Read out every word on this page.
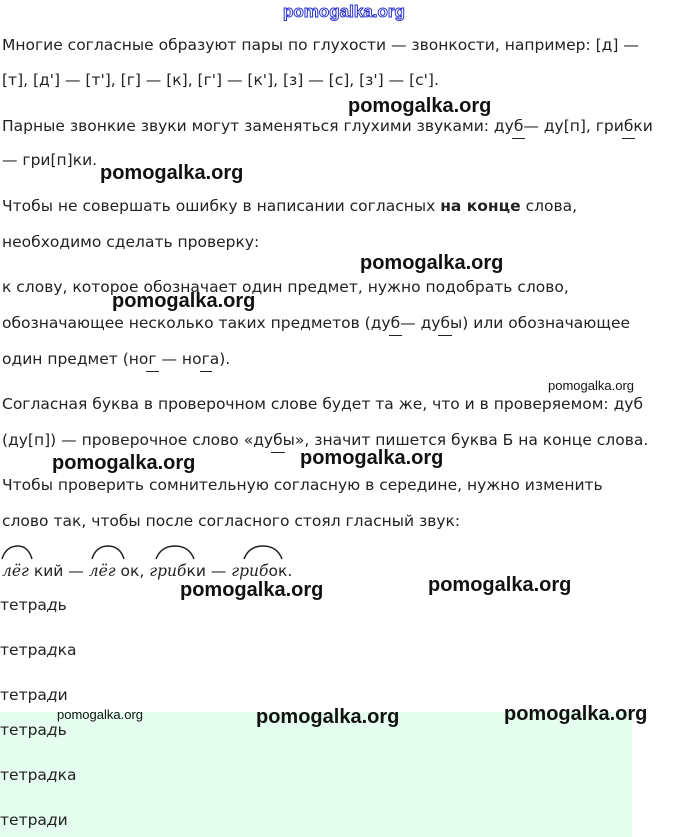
pomogalka.org
Многие согласные образуют пары по глухости — звонкости, например: [д] —
[т], [д'] — [т'], [г] — [к], [г'] — [к'], [з] — [с], [з'] — [с'].
Парные звонкие звуки могут заменяться глухими звуками: дуб— ду[п], грибки
— гри[п]ки.
Чтобы не совершать ошибку в написании согласных на конце слова,
необходимо сделать проверку:
к слову, которое обозначает один предмет, нужно подобрать слово,
обозначающее несколько таких предметов (дуб— дубы) или обозначающее
один предмет (ног — нога).
Согласная буква в проверочном слове будет та же, что и в проверяемом: дуб
(ду[п]) — проверочное слово «дубы», значит пишется буква Б на конце слова.
Чтобы проверить сомнительную согласную в середине, нужно изменить
слово так, чтобы после согласного стоял гласный звук:
лёг кий — лёг ок, грибки — грибок.
тетрадь
тетрадка
тетради
тетрадь
тетрадка
тетради
pomogalka.org
pomogalka.org
pomogalka.org
pomogalka.org
pomogalka.org
pomogalka.org	pomogalka.org
pomogalka.org	pomogalka.org
pomogalka.org	pomogalka.org	pomogalka.org
